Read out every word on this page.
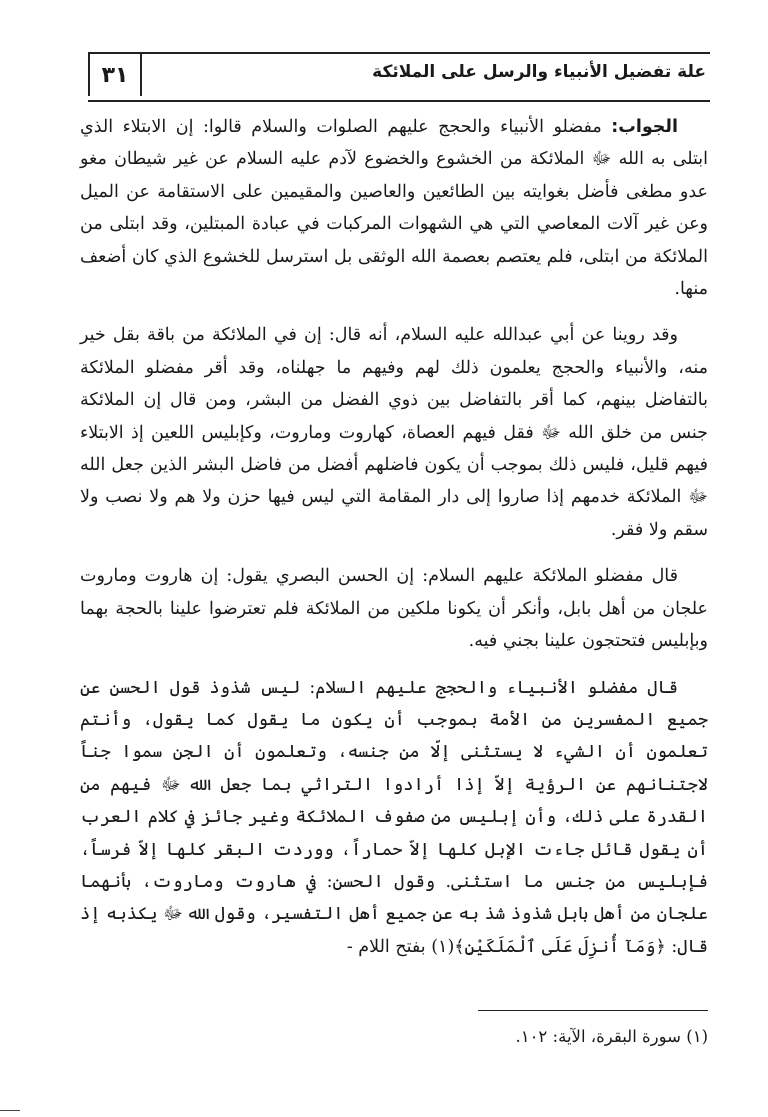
٣١	علة تفضيل الأنبياء والرسل على الملائكة

الجواب: مفضلو الأنبياء والحجج عليهم الصلوات والسلام قالوا: إن الابتلاء الذي ابتلى به الله ﷻ الملائكة من الخشوع والخضوع لآدم عليه السلام عن غير شيطان مغو عدو مطغى فأضل بغوايته بين الطائعين والعاصين والمقيمين على الاستقامة عن الميل وعن غير آلات المعاصي التي هي الشهوات المركبات في عبادة المبتلين، وقد ابتلى من الملائكة من ابتلى، فلم يعتصم بعصمة الله الوثقى بل استرسل للخشوع الذي كان أضعف منها.

وقد روينا عن أبي عبدالله عليه السلام، أنه قال: إن في الملائكة من باقة بقل خير منه، والأنبياء والحجج يعلمون ذلك لهم وفيهم ما جهلناه، وقد أقر مفضلو الملائكة بالتفاضل بينهم، كما أقر بالتفاضل بين ذوي الفضل من البشر، ومن قال إن الملائكة جنس من خلق الله ﷻ فقل فيهم العصاة، كهاروت وماروت، وكإبليس اللعين إذ الابتلاء فيهم قليل، فليس ذلك بموجب أن يكون فاضلهم أفضل من فاضل البشر الذين جعل الله ﷻ الملائكة خدمهم إذا صاروا إلى دار المقامة التي ليس فيها حزن ولا هم ولا نصب ولا سقم ولا فقر.

قال مفضلو الملائكة عليهم السلام: إن الحسن البصري يقول: إن هاروت وماروت علجان من أهل بابل، وأنكر أن يكونا ملكين من الملائكة فلم تعترضوا علينا بالحجة بهما وبإبليس فتحتجون علينا بجني فيه.

قال مفضلو الأنبياء والحجج عليهم السلام: ليس شذوذ قول الحسن عن جميع المفسرين من الأمة بموجب أن يكون ما يقول كما يقول، وأنتم تعلمون أن الشيء لا يستثنى إلّا من جنسه، وتعلمون أن الجن سموا جناً لاجتنانهم عن الرؤية إلاّ إذا أرادوا التراثي بما جعل الله ﷻ فيهم من القدرة على ذلك، وأن إبليس من صفوف الملائكة وغير جائز في كلام العرب أن يقول قائل جاءت الإبل كلها إلاّ حماراً، ووردت البقر كلها إلاّ فرساً، فإبليس من جنس ما استثنى. وقول الحسن: في هاروت وماروت، بأنهما علجان من أهل بابل شذوذ شذ به عن جميع أهل التفسير، وقول الله ﷻ يكذبه إذ قال: ﴿وَمَآ أُنزِلَ عَلَى ٱلْمَلَكَيْنِ﴾(١) بفتح اللام -

(١) سورة البقرة، الآية: ١٠٢.
